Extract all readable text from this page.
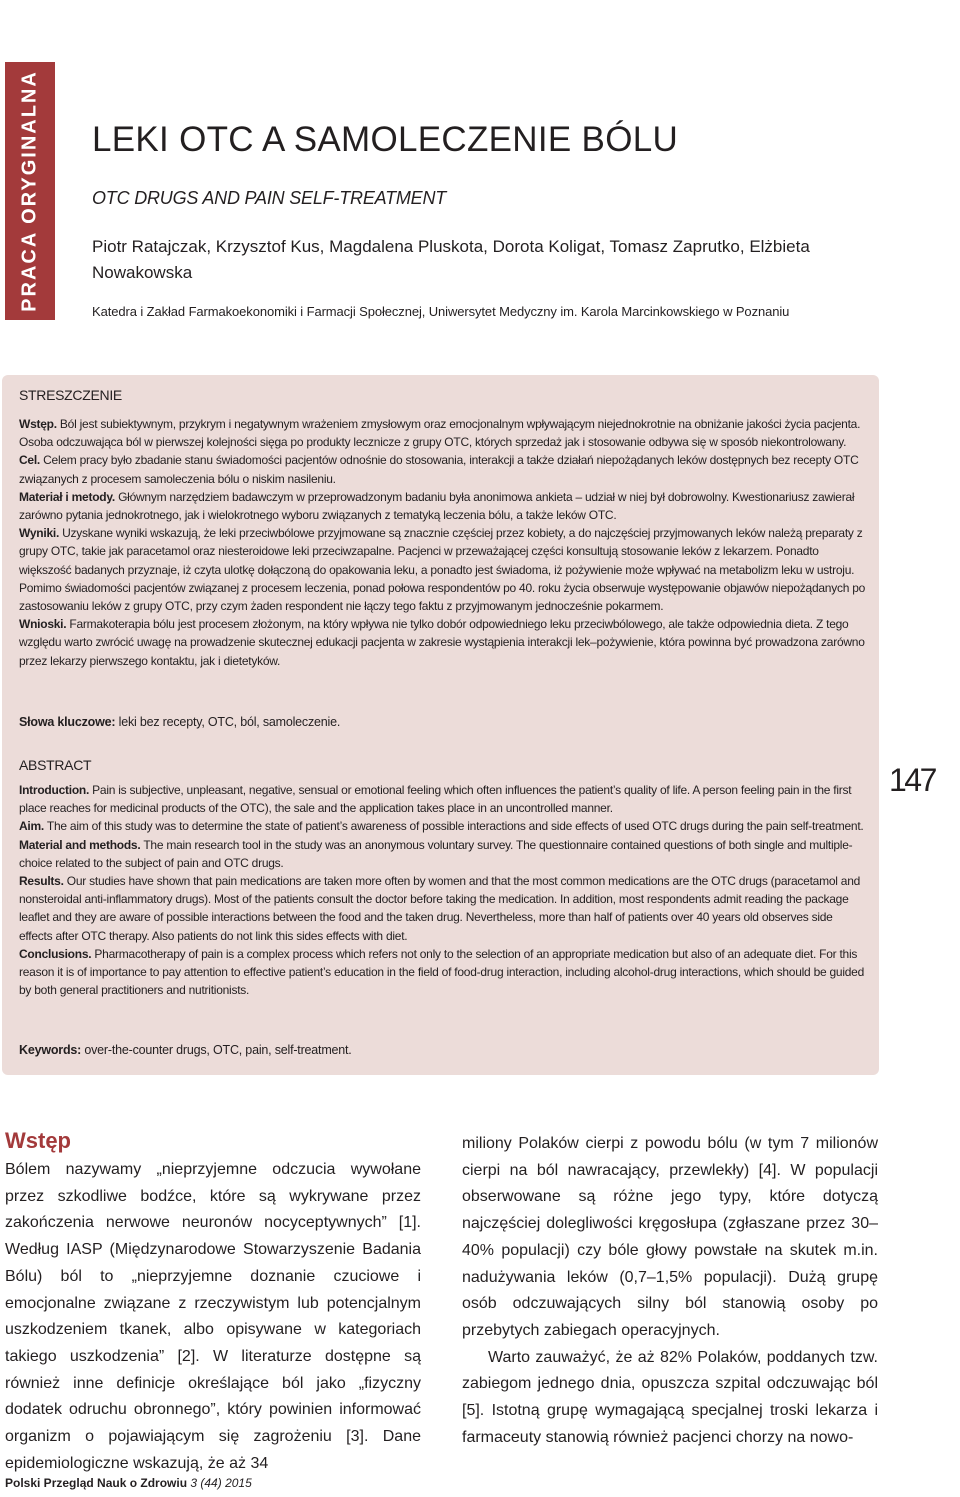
PRACA ORYGINALNA LEKI OTC A SAMOLECZENIE BÓLU
OTC DRUGS AND PAIN SELF-TREATMENT
Piotr Ratajczak, Krzysztof Kus, Magdalena Pluskota, Dorota Koligat, Tomasz Zaprutko, Elżbieta Nowakowska
Katedra i Zakład Farmakoekonomiki i Farmacji Społecznej, Uniwersytet Medyczny im. Karola Marcinkowskiego w Poznaniu
STRESZCZENIE

Wstęp. Ból jest subiektywnym, przykrym i negatywnym wrażeniem zmysłowym oraz emocjonalnym wpływającym niejednokrotnie na obniżanie jakości życia pacjenta. Osoba odczuwająca ból w pierwszej kolejności sięga po produkty lecznicze z grupy OTC, których sprzedaż jak i stosowanie odbywa się w sposób niekontrolowany.

Cel. Celem pracy było zbadanie stanu świadomości pacjentów odnośnie do stosowania, interakcji a także działań niepożądanych leków dostępnych bez recepty OTC związanych z procesem samoleczenia bólu o niskim nasileniu.

Materiał i metody. Głównym narzędziem badawczym w przeprowadzonym badaniu była anonimowa ankieta – udział w niej był dobrowolny. Kwestionariusz zawierał zarówno pytania jednokrotnego, jak i wielokrotnego wyboru związanych z tematyką leczenia bólu, a także leków OTC.

Wyniki. Uzyskane wyniki wskazują, że leki przeciwbólowe przyjmowane są znacznie częściej przez kobiety, a do najczęściej przyjmowanych leków należą preparaty z grupy OTC, takie jak paracetamol oraz niesteroidowe leki przeciwzapalne. Pacjenci w przeważającej części konsultują stosowanie leków z lekarzem. Ponadto większość badanych przyznaje, iż czyta ulotkę dołączoną do opakowania leku, a ponadto jest świadoma, iż pożywienie może wpływać na metabolizm leku w ustroju. Pomimo świadomości pacjentów związanej z procesem leczenia, ponad połowa respondentów po 40. roku życia obserwuje występowanie objawów niepożądanych po zastosowaniu leków z grupy OTC, przy czym żaden respondent nie łączy tego faktu z przyjmowanym jednocześnie pokarmem.

Wnioski. Farmakoterapia bólu jest procesem złożonym, na który wpływa nie tylko dobór odpowiedniego leku przeciwbólowego, ale także odpowiednia dieta. Z tego względu warto zwrócić uwagę na prowadzenie skutecznej edukacji pacjenta w zakresie wystąpienia interakcji lek–pożywienie, która powinna być prowadzona zarówno przez lekarzy pierwszego kontaktu, jak i dietetyków.

Słowa kluczowe: leki bez recepty, OTC, ból, samoleczenie.
ABSTRACT

Introduction. Pain is subjective, unpleasant, negative, sensual or emotional feeling which often influences the patient’s quality of life. A person feeling pain in the first place reaches for medicinal products of the OTC), the sale and the application takes place in an uncontrolled manner.

Aim. The aim of this study was to determine the state of patient’s awareness of possible interactions and side effects of used OTC drugs during the pain self-treatment.

Material and methods. The main research tool in the study was an anonymous voluntary survey. The questionnaire contained questions of both single and multiple-choice related to the subject of pain and OTC drugs.

Results. Our studies have shown that pain medications are taken more often by women and that the most common medications are the OTC drugs (paracetamol and nonsteroidal anti-inflammatory drugs). Most of the patients consult the doctor before taking the medication. In addition, most respondents admit reading the package leaflet and they are aware of possible interactions between the food and the taken drug. Nevertheless, more than half of patients over 40 years old observes side effects after OTC therapy. Also patients do not link this sides effects with diet.

Conclusions. Pharmacotherapy of pain is a complex process which refers not only to the selection of an appropriate medication but also of an adequate diet. For this reason it is of importance to pay attention to effective patient’s education in the field of food-drug interaction, including alcohol-drug interactions, which should be guided by both general practitioners and nutritionists.

Keywords: over-the-counter drugs, OTC, pain, self-treatment.
147
Wstęp

Bólem nazywamy „nieprzyjemne odczucia wywołane przez szkodliwe bodźce, które są wykrywane przez zakończenia nerwowe neuronów nocyceptywnych” [1]. Według IASP (Międzynarodowe Stowarzyszenie Badania Bólu) ból to „nieprzyjemne doznanie czuciowe i emocjonalne związane z rzeczywistym lub potencjalnym uszkodzeniem tkanek, albo opisywane w kategoriach takiego uszkodzenia” [2]. W literaturze dostępne są również inne definicje określające ból jako „fizyczny dodatek odruchu obronnego”, który powinien informować organizm o pojawiającym się zagrożeniu [3]. Dane epidemiologiczne wskazują, że aż 34

miliony Polaków cierpi z powodu bólu (w tym 7 milionów cierpi na ból nawracający, przewlekły) [4]. W populacji obserwowane są różne jego typy, które dotyczą najczęściej dolegliwości kręgosłupa (zgłaszane przez 30–40% populacji) czy bóle głowy powstałe na skutek m.in. nadużywania leków (0,7–1,5% populacji). Dużą grupę osób odczuwających silny ból stanowią osoby po przebytych zabiegach operacyjnych.

Warto zauważyć, że aż 82% Polaków, poddanych tzw. zabiegom jednego dnia, opuszcza szpital odczuwając ból [5]. Istotną grupę wymagającą specjalnej troski lekarza i farmaceuty stanowią również pacjenci chorzy na nowo-

Polski Przegląd Nauk o Zdrowiu 3 (44) 2015
